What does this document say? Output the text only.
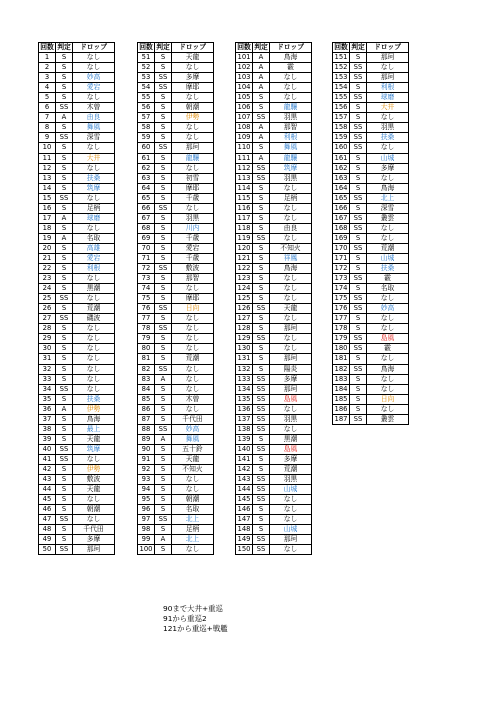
回数	判定	ドロップ
1	S	なし
2	S	なし
3	S	妙高
4	S	愛宕
5	S	なし
6	SS	木曾
7	A	由良
8	S	舞風
9	SS	深雪
10	S	なし
11	S	大井
12	S	なし
13	S	扶桑
14	S	筑摩
15	SS	なし
16	S	足柄
17	A	球磨
18	S	なし
19	A	名取
20	S	高雄
21	S	愛宕
22	S	利根
23	S	なし
24	S	黒潮
25	SS	なし
26	S	荒潮
27	SS	磯波
28	S	なし
29	S	なし
30	S	なし
31	S	なし
32	S	なし
33	S	なし
34	SS	なし
35	S	扶桑
36	A	伊勢
37	S	鳥海
38	S	最上
39	S	天龍
40	SS	筑摩
41	SS	なし
42	S	伊勢
43	S	敷波
44	S	天龍
45	S	なし
46	S	朝潮
47	SS	なし
48	S	千代田
49	S	多摩
50	SS	那珂
回数	判定	ドロップ
51	S	天龍
52	S	なし
53	SS	多摩
54	SS	摩耶
55	S	なし
56	S	朝潮
57	S	伊勢
58	S	なし
59	S	なし
60	SS	那珂
61	S	龍驤
62	S	なし
63	S	初雪
64	S	摩耶
65	S	千歳
66	SS	なし
67	S	羽黒
68	S	川内
69	S	千歳
70	S	愛宕
71	S	千歳
72	SS	敷波
73	S	那智
74	S	なし
75	S	摩耶
76	SS	日向
77	S	なし
78	SS	なし
79	S	なし
80	S	なし
81	S	荒潮
82	SS	なし
83	A	なし
84	S	なし
85	S	木曾
86	S	なし
87	S	千代田
88	SS	妙高
89	A	舞風
90	S	五十鈴
91	S	天龍
92	S	不知火
93	S	なし
94	S	なし
95	S	朝潮
96	S	名取
97	SS	北上
98	S	足柄
99	A	北上
100	S	なし
回数	判定	ドロップ
101	A	鳥海
102	A	霰
103	A	なし
104	A	なし
105	S	なし
106	S	龍驤
107	SS	羽黒
108	A	那智
109	A	利根
110	S	舞風
111	A	龍驤
112	SS	筑摩
113	SS	羽黒
114	S	なし
115	S	足柄
116	S	なし
117	S	なし
118	S	由良
119	SS	なし
120	S	不知火
121	S	祥鳳
122	S	鳥海
123	S	なし
124	S	なし
125	S	なし
126	SS	天龍
127	S	なし
128	S	那珂
129	SS	なし
130	S	なし
131	S	那珂
132	S	陽炎
133	SS	多摩
134	SS	那珂
135	SS	島風
136	SS	なし
137	SS	羽黒
138	SS	なし
139	S	黒潮
140	SS	島風
141	S	多摩
142	S	荒潮
143	SS	羽黒
144	SS	山城
145	SS	なし
146	S	なし
147	S	なし
148	S	山城
149	SS	那珂
150	SS	なし
回数	判定	ドロップ
151	S	那珂
152	SS	なし
153	SS	那珂
154	S	利根
155	SS	球磨
156	S	大井
157	S	なし
158	SS	羽黒
159	SS	扶桑
160	SS	なし
161	S	山城
162	S	多摩
163	S	なし
164	S	鳥海
165	SS	北上
166	S	深雪
167	SS	叢雲
168	SS	なし
169	S	なし
170	SS	荒潮
171	S	山城
172	S	扶桑
173	SS	霰
174	S	名取
175	SS	なし
176	SS	妙高
177	S	なし
178	S	なし
179	SS	島風
180	SS	霰
181	S	なし
182	SS	鳥海
183	S	なし
184	S	なし
185	S	日向
186	S	なし
187	SS	叢雲
90まで大井+重巡
91から重巡2
121から重巡+戦艦
